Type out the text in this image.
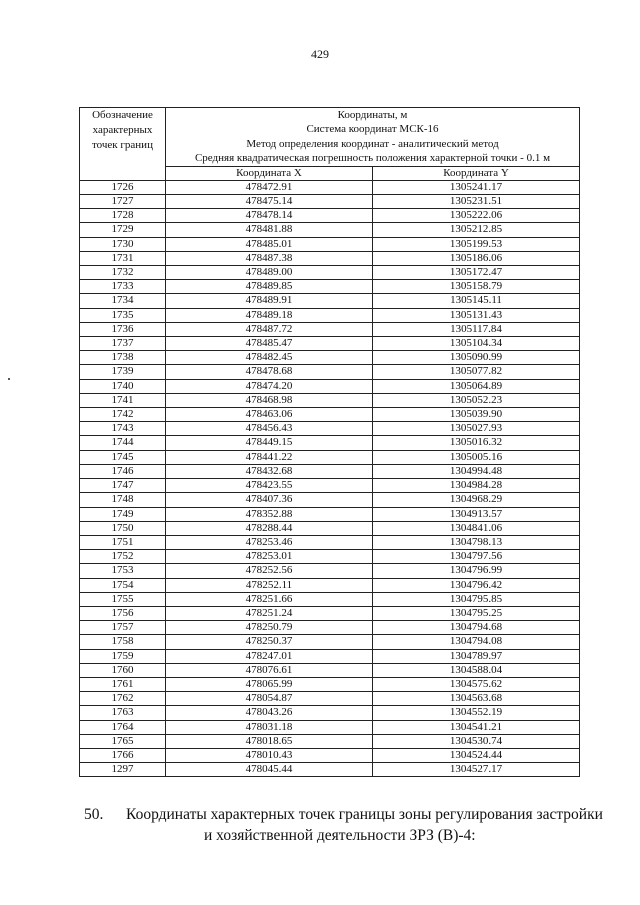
429
Обозначение характерных точек границ	Координаты, м
Система координат МСК-16
Метод определения координат - аналитический метод
Средняя квадратическая погрешность положения характерной точки - 0.1 м	

	Координата X	Координата Y
1726	478472.91	1305241.17
1727	478475.14	1305231.51
1728	478478.14	1305222.06
1729	478481.88	1305212.85
1730	478485.01	1305199.53
1731	478487.38	1305186.06
1732	478489.00	1305172.47
1733	478489.85	1305158.79
1734	478489.91	1305145.11
1735	478489.18	1305131.43
1736	478487.72	1305117.84
1737	478485.47	1305104.34
1738	478482.45	1305090.99
1739	478478.68	1305077.82
1740	478474.20	1305064.89
1741	478468.98	1305052.23
1742	478463.06	1305039.90
1743	478456.43	1305027.93
1744	478449.15	1305016.32
1745	478441.22	1305005.16
1746	478432.68	1304994.48
1747	478423.55	1304984.28
1748	478407.36	1304968.29
1749	478352.88	1304913.57
1750	478288.44	1304841.06
1751	478253.46	1304798.13
1752	478253.01	1304797.56
1753	478252.56	1304796.99
1754	478252.11	1304796.42
1755	478251.66	1304795.85
1756	478251.24	1304795.25
1757	478250.79	1304794.68
1758	478250.37	1304794.08
1759	478247.01	1304789.97
1760	478076.61	1304588.04
1761	478065.99	1304575.62
1762	478054.87	1304563.68
1763	478043.26	1304552.19
1764	478031.18	1304541.21
1765	478018.65	1304530.74
1766	478010.43	1304524.44
1297	478045.44	1304527.17
50. Координаты характерных точек границы зоны регулирования застройки
и хозяйственной деятельности ЗРЗ (В)-4:
